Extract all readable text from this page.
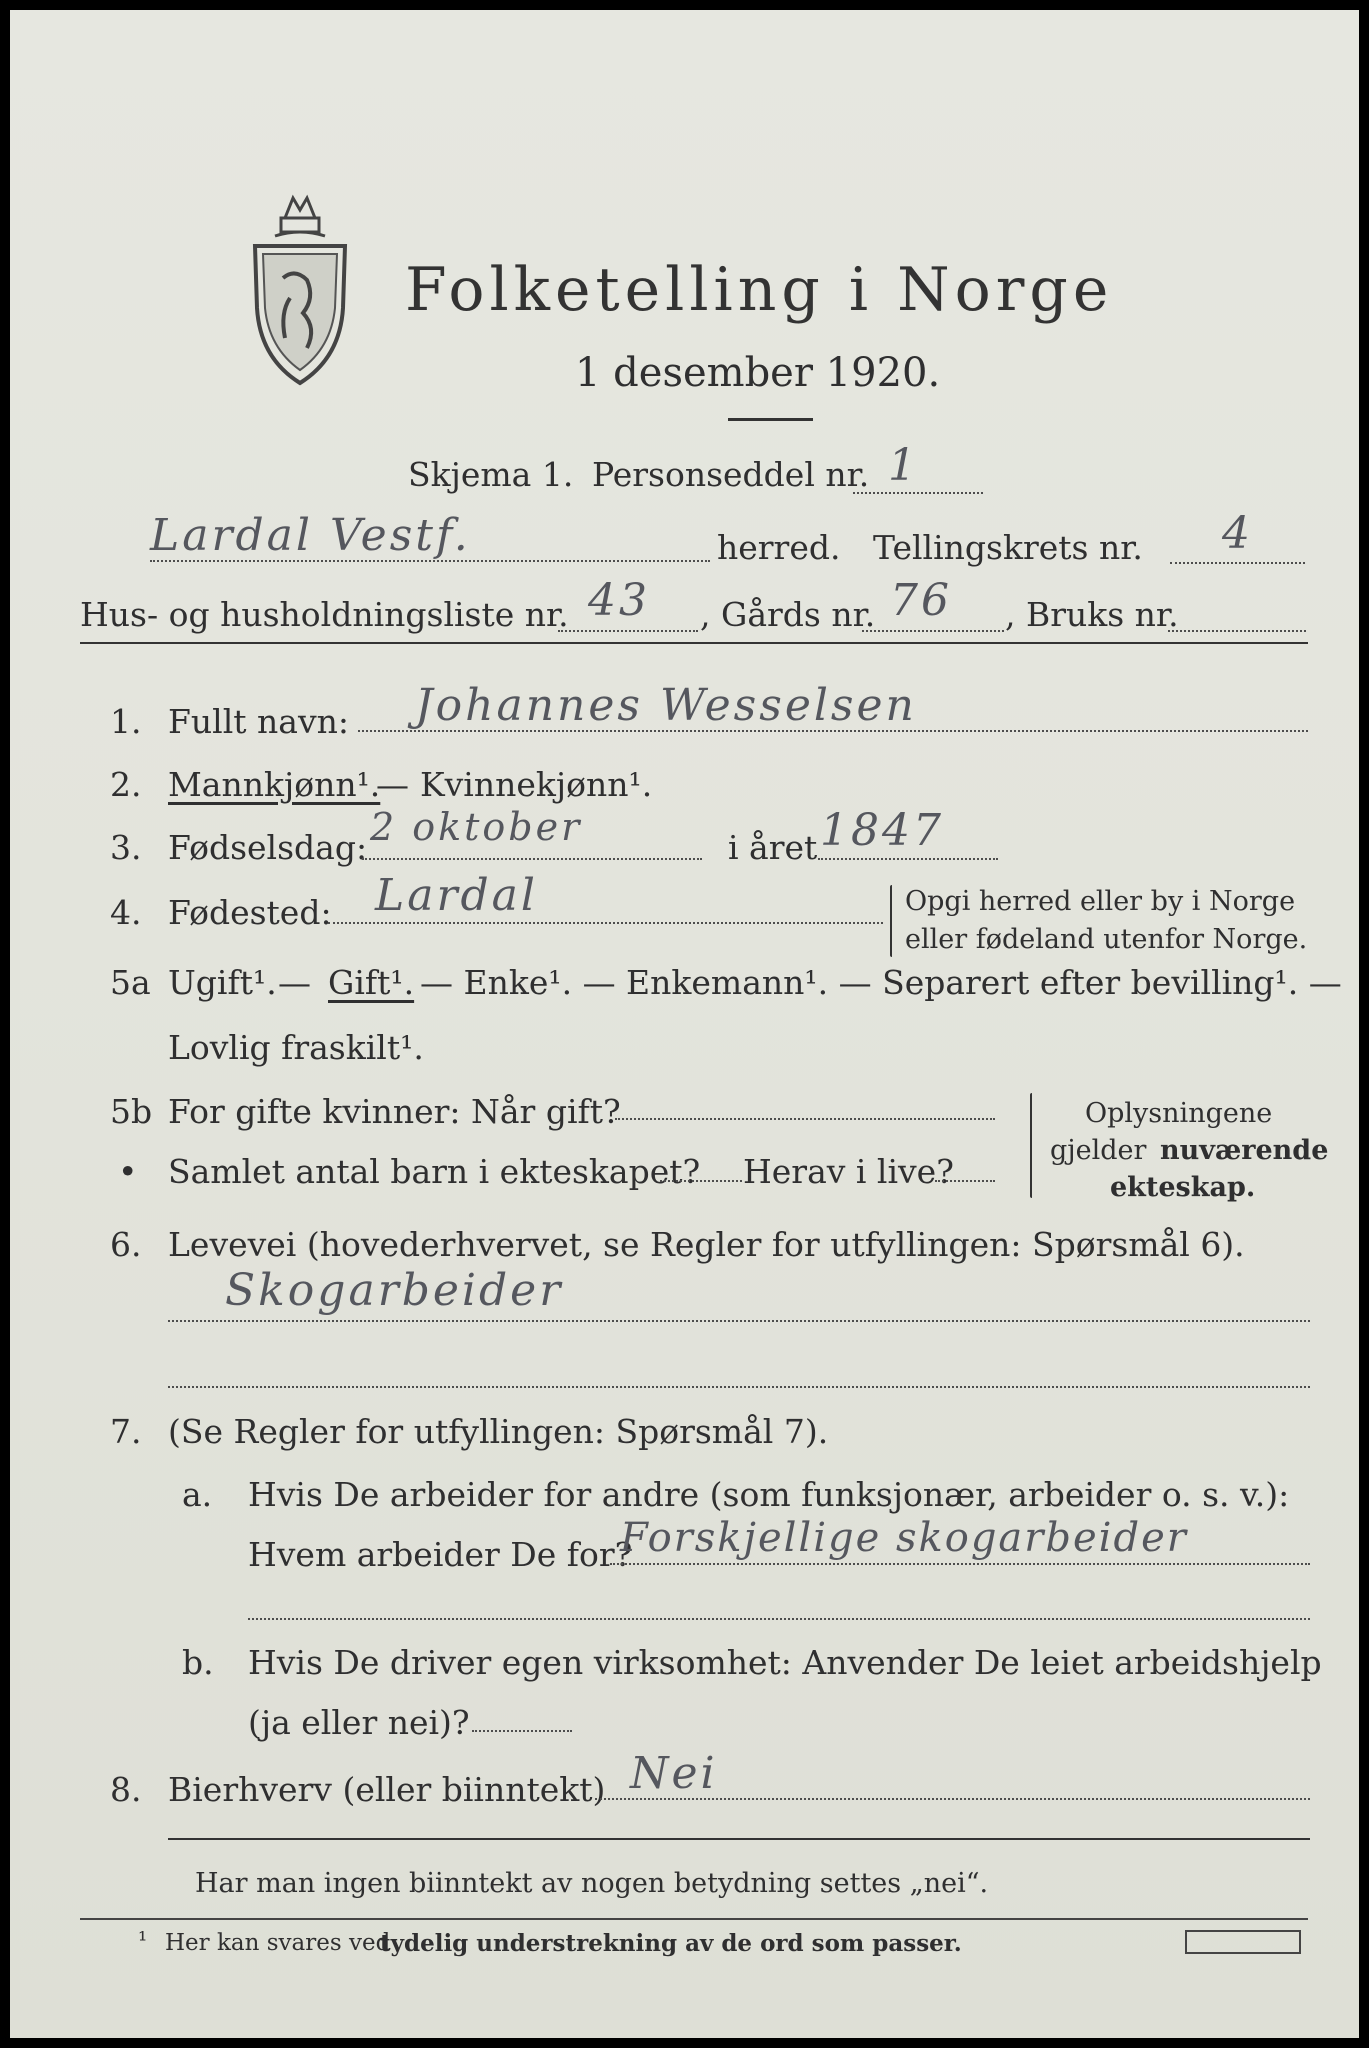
Folketelling i Norge
1 desember 1920.
Skjema 1. Personseddel nr. 1
Lardal Vestf.	herred. Tellingskrets nr. 4
Hus- og husholdningsliste nr. 43 , Gårds nr. 76 , Bruks nr.
1. Fullt navn: Johannes Wesselsen
2. Mannkjønn¹.
— Kvinnekjønn¹.
3. Fødselsdag: 2 oktober	i året 1847
4. Fødested: Lardal	Opgi herred eller by i Norge
eller fødeland utenfor Norge.
5a Ugift¹. — Gift¹. — Enke¹. — Enkemann¹. — Separert efter bevilling¹. —
Lovlig fraskilt¹.
5b For gifte kvinner: Når gift?
• Samlet antal barn i ekteskapet? Herav i live?
Oplysningene
gjelder nuværende
ekteskap.
6. Levevei (hovederhvervet, se Regler for utfyllingen: Spørsmål 6).
Skogarbeider
7. (Se Regler for utfyllingen: Spørsmål 7).
a. Hvis De arbeider for andre (som funksjonær, arbeider o. s. v.):
Hvem arbeider De for?
Forskjellige skogarbeider
b. Hvis De driver egen virksomhet: Anvender De leiet arbeidshjelp
(ja eller nei)?
8. Bierhverv (eller biinntekt) Nei
Har man ingen biinntekt av nogen betydning settes „nei“.
¹ Her kan svares ved
tydelig understrekning av de ord som passer.
